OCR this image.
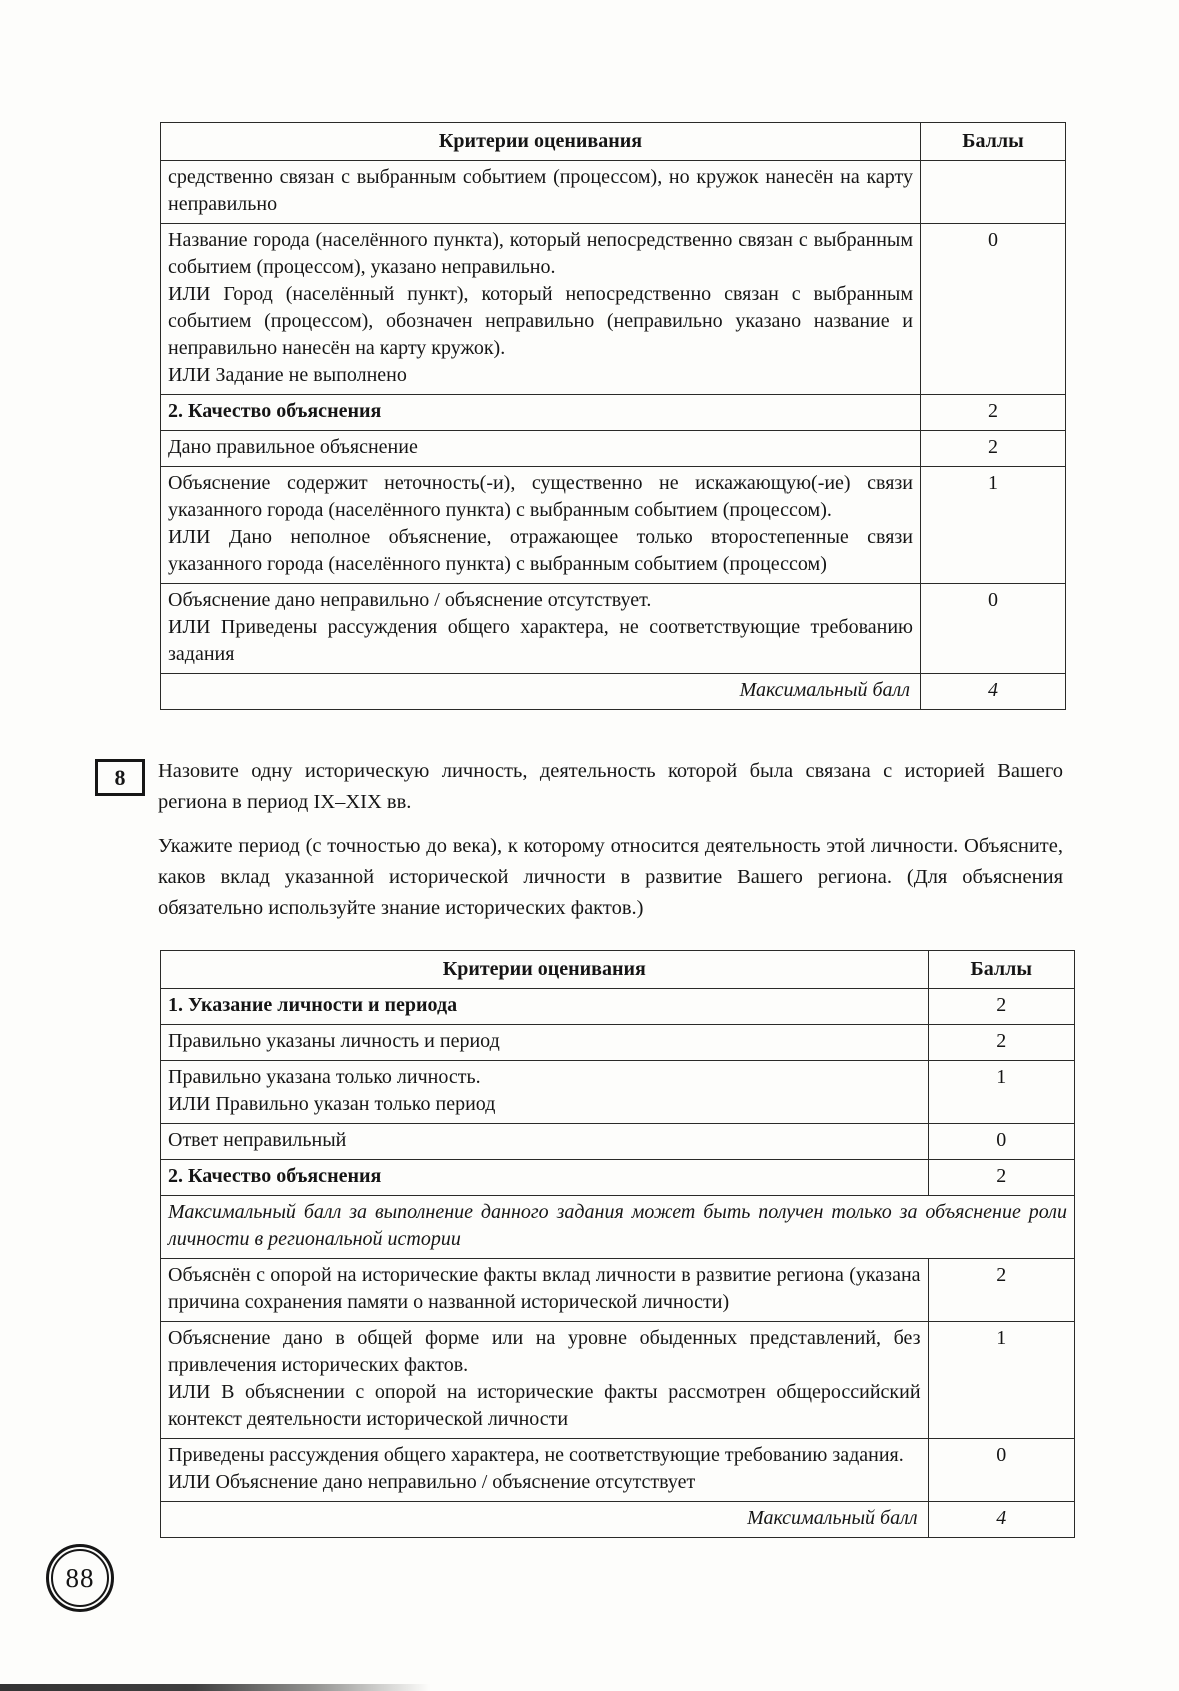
Критерии оценивания	Баллы

средственно связан с выбранным событием (процессом), но кружок нанесён на карту неправильно	

Название города (населённого пункта), который непосредственно связан с выбранным событием (процессом), указано неправильно.
ИЛИ Город (населённый пункт), который непосредственно связан с выбранным событием (процессом), обозначен неправильно (неправильно указано название и неправильно нанесён на карту кружок).
ИЛИ Задание не выполнено	0

2. Качество объяснения	2

Дано правильное объяснение	2

Объяснение содержит неточность(-и), существенно не искажающую(-ие) связи указанного города (населённого пункта) с выбранным событием (процессом).
ИЛИ Дано неполное объяснение, отражающее только второстепенные связи указанного города (населённого пункта) с выбранным событием (процессом)	1

Объяснение дано неправильно / объяснение отсутствует.
ИЛИ Приведены рассуждения общего характера, не соответствующие требованию задания	0
Максимальный балл	4
8	Назовите одну историческую личность, деятельность которой была связана с историей Вашего региона в период IX–XIX вв.

Укажите период (с точностью до века), к которому относится деятельность этой личности. Объясните, каков вклад указанной исторической личности в развитие Вашего региона. (Для объяснения обязательно используйте знание исторических фактов.)

Критерии оценивания	Баллы

1. Указание личности и периода	2

Правильно указаны личность и период	2

Правильно указана только личность.
ИЛИ Правильно указан только период	1

Ответ неправильный	0

2. Качество объяснения	2

Максимальный балл за выполнение данного задания может быть получен только за объяснение роли личности в региональной истории	

Объяснён с опорой на исторические факты вклад личности в развитие региона (указана причина сохранения памяти о названной исторической личности)	2

Объяснение дано в общей форме или на уровне обыденных представлений, без привлечения исторических фактов.
ИЛИ В объяснении с опорой на исторические факты рассмотрен общероссийский контекст деятельности исторической личности	1

Приведены рассуждения общего характера, не соответствующие требованию задания.
ИЛИ Объяснение дано неправильно / объяснение отсутствует	0
Максимальный балл	4
88
